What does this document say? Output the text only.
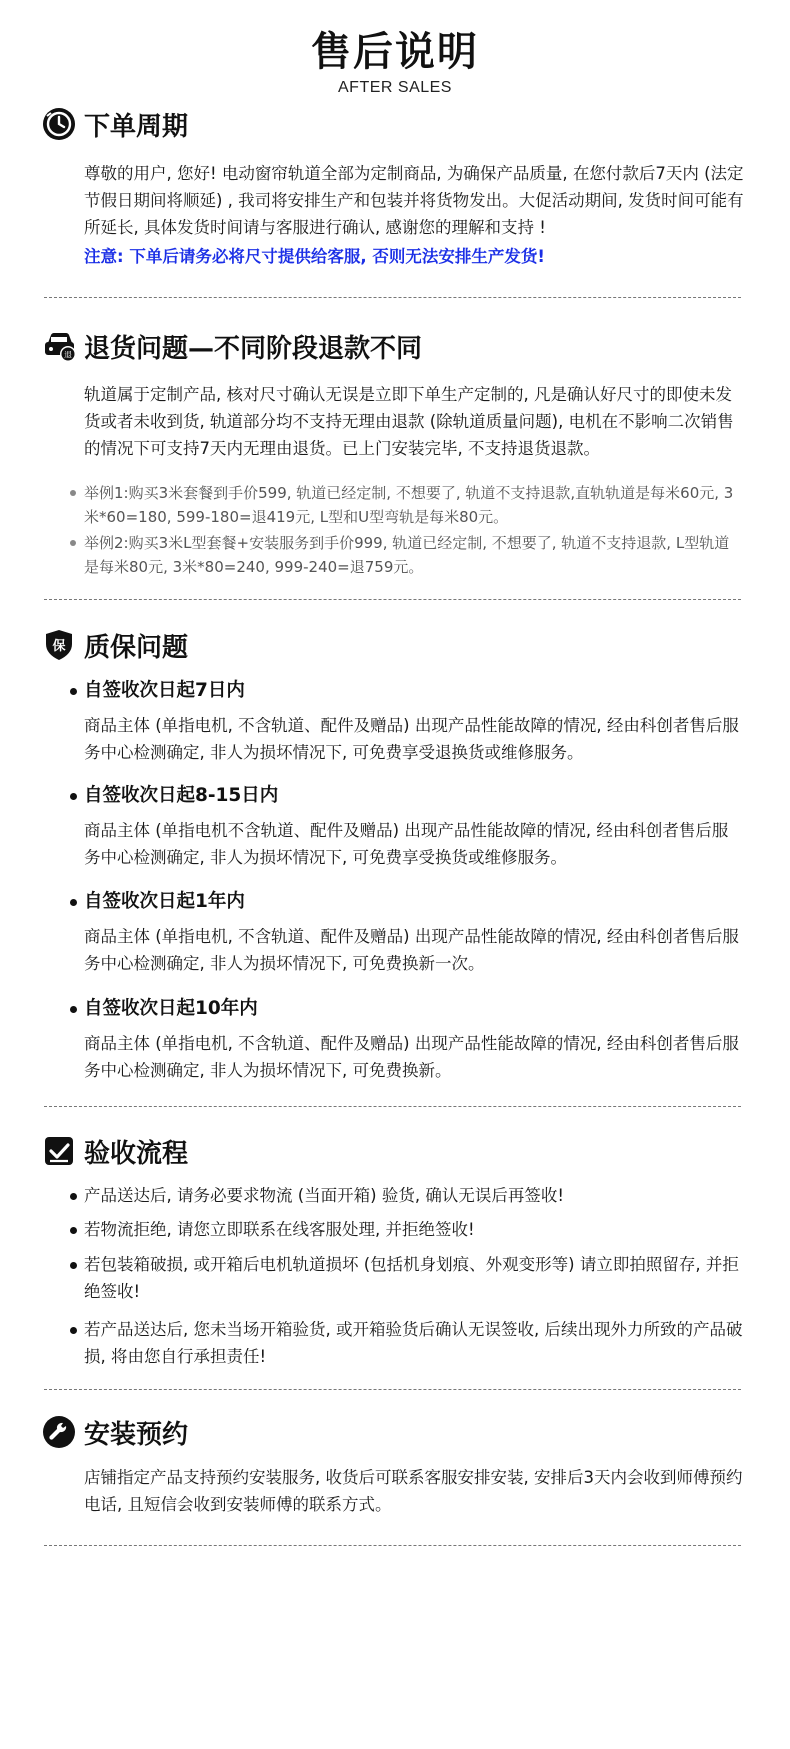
售后说明
AFTER SALES
下单周期
尊敬的用户, 您好! 电动窗帘轨道全部为定制商品, 为确保产品质量, 在您付款后7天内 (法定节假日期间将顺延) , 我司将安排生产和包装并将货物发出。大促活动期间, 发货时间可能有所延长, 具体发货时间请与客服进行确认, 感谢您的理解和支持 !
注意: 下单后请务必将尺寸提供给客服, 否则无法安排生产发货!
退 退货问题—不同阶段退款不同
轨道属于定制产品, 核对尺寸确认无误是立即下单生产定制的, 凡是确认好尺寸的即使未发货或者未收到货, 轨道部分均不支持无理由退款 (除轨道质量问题), 电机在不影响二次销售的情况下可支持7天内无理由退货。已上门安装完毕, 不支持退货退款。
举例1:购买3米套餐到手价599, 轨道已经定制, 不想要了, 轨道不支持退款,直轨轨道是每米60元, 3米*60=180, 599-180=退419元, L型和U型弯轨是每米80元。
举例2:购买3米L型套餐+安装服务到手价999, 轨道已经定制, 不想要了, 轨道不支持退款, L型轨道是每米80元, 3米*80=240, 999-240=退759元。
保 质保问题
自签收次日起7日内
商品主体 (单指电机, 不含轨道、配件及赠品) 出现产品性能故障的情况, 经由科创者售后服务中心检测确定, 非人为损坏情况下, 可免费享受退换货或维修服务。
自签收次日起8-15日内
商品主体 (单指电机不含轨道、配件及赠品) 出现产品性能故障的情况, 经由科创者售后服务中心检测确定, 非人为损坏情况下, 可免费享受换货或维修服务。
自签收次日起1年内
商品主体 (单指电机, 不含轨道、配件及赠品) 出现产品性能故障的情况, 经由科创者售后服务中心检测确定, 非人为损坏情况下, 可免费换新一次。
自签收次日起10年内
商品主体 (单指电机, 不含轨道、配件及赠品) 出现产品性能故障的情况, 经由科创者售后服务中心检测确定, 非人为损坏情况下, 可免费换新。
验收流程
产品送达后, 请务必要求物流 (当面开箱) 验货, 确认无误后再签收!
若物流拒绝, 请您立即联系在线客服处理, 并拒绝签收!
若包装箱破损, 或开箱后电机轨道损坏 (包括机身划痕、外观变形等) 请立即拍照留存, 并拒绝签收!
若产品送达后, 您未当场开箱验货, 或开箱验货后确认无误签收, 后续出现外力所致的产品破损, 将由您自行承担责任!
安装预约
店铺指定产品支持预约安装服务, 收货后可联系客服安排安装, 安排后3天内会收到师傅预约电话, 且短信会收到安装师傅的联系方式。
